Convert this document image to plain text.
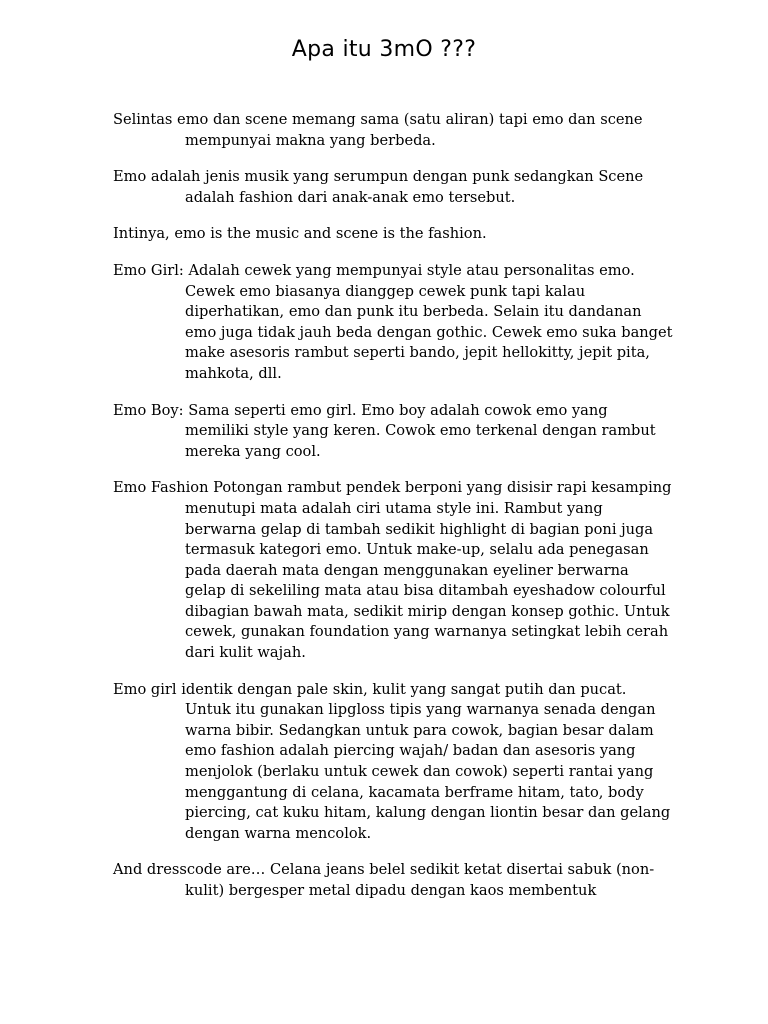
Apa itu 3mO ???

Selintas emo dan scene memang sama (satu aliran) tapi emo dan scene mempunyai makna yang berbeda.

Emo adalah jenis musik yang serumpun dengan punk sedangkan Scene adalah fashion dari anak-anak emo tersebut.

Intinya, emo is the music and scene is the fashion.

Emo Girl: Adalah cewek yang mempunyai style atau personalitas emo. Cewek emo biasanya dianggep cewek punk tapi kalau diperhatikan, emo dan punk itu berbeda. Selain itu dandanan emo juga tidak jauh beda dengan gothic. Cewek emo suka banget make asesoris rambut seperti bando, jepit hellokitty, jepit pita, mahkota, dll.

Emo Boy: Sama seperti emo girl. Emo boy adalah cowok emo yang memiliki style yang keren. Cowok emo terkenal dengan rambut mereka yang cool.

Emo Fashion Potongan rambut pendek berponi yang disisir rapi kesamping menutupi mata adalah ciri utama style ini. Rambut yang berwarna gelap di tambah sedikit highlight di bagian poni juga termasuk kategori emo. Untuk make-up, selalu ada penegasan pada daerah mata dengan menggunakan eyeliner berwarna gelap di sekeliling mata atau bisa ditambah eyeshadow colourful dibagian bawah mata, sedikit mirip dengan konsep gothic. Untuk cewek, gunakan foundation yang warnanya setingkat lebih cerah dari kulit wajah.

Emo girl identik dengan pale skin, kulit yang sangat putih dan pucat. Untuk itu gunakan lipgloss tipis yang warnanya senada dengan warna bibir. Sedangkan untuk para cowok, bagian besar dalam emo fashion adalah piercing wajah/ badan dan asesoris yang menjolok (berlaku untuk cewek dan cowok) seperti rantai yang menggantung di celana, kacamata berframe hitam, tato, body piercing, cat kuku hitam, kalung dengan liontin besar dan gelang dengan warna mencolok.

And dresscode are… Celana jeans belel sedikit ketat disertai sabuk (non-kulit) bergesper metal dipadu dengan kaos membentuk
